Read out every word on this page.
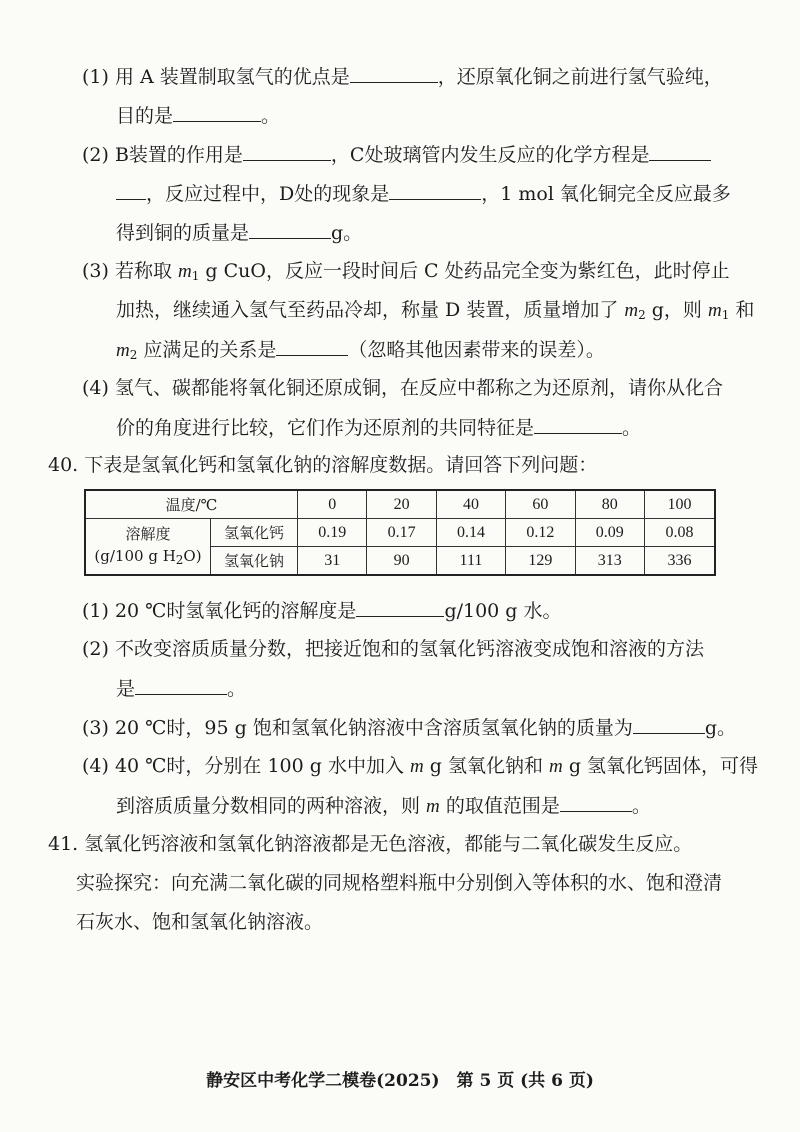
(1) 用 A 装置制取氢气的优点是	，还原氧化铜之前进行氢气验纯，
目的是	。
(2) B装置的作用是	，C处玻璃管内发生反应的化学方程是
，反应过程中，D处的现象是	，1 mol 氧化铜完全反应最多
得到铜的质量是	g。
(3) 若称取 $m_1$ g CuO，反应一段时间后 C 处药品完全变为紫红色，此时停止
加热，继续通入氢气至药品冷却，称量 D 装置，质量增加了 $m_2$ g，则 $m_1$ 和
$m_2$ 应满足的关系是	（忽略其他因素带来的误差）。
(4) 氢气、碳都能将氧化铜还原成铜，在反应中都称之为还原剂，请你从化合
价的角度进行比较，它们作为还原剂的共同特征是	。
40. 下表是氢氧化钙和氢氧化钠的溶解度数据。请回答下列问题：
温度/℃		0	20	40	60	80	100
溶解度
(g/100 g $H_2O$)	氢氧化钙	0.19	0.17	0.14	0.12	0.09	0.08
	氢氧化钠	31	90	111	129	313	336
(1) 20 ℃时氢氧化钙的溶解度是	g/100 g 水。
(2) 不改变溶质质量分数，把接近饱和的氢氧化钙溶液变成饱和溶液的方法
是	。
(3) 20 ℃时，95 g 饱和氢氧化钠溶液中含溶质氢氧化钠的质量为	g。
(4) 40 ℃时，分别在 100 g 水中加入 m g 氢氧化钠和 m g 氢氧化钙固体，可得
到溶质质量分数相同的两种溶液，则 m 的取值范围是	。
41. 氢氧化钙溶液和氢氧化钠溶液都是无色溶液，都能与二氧化碳发生反应。
实验探究：向充满二氧化碳的同规格塑料瓶中分别倒入等体积的水、饱和澄清
石灰水、饱和氢氧化钠溶液。
静安区中考化学二模卷(2025)　第 5 页 (共 6 页)
